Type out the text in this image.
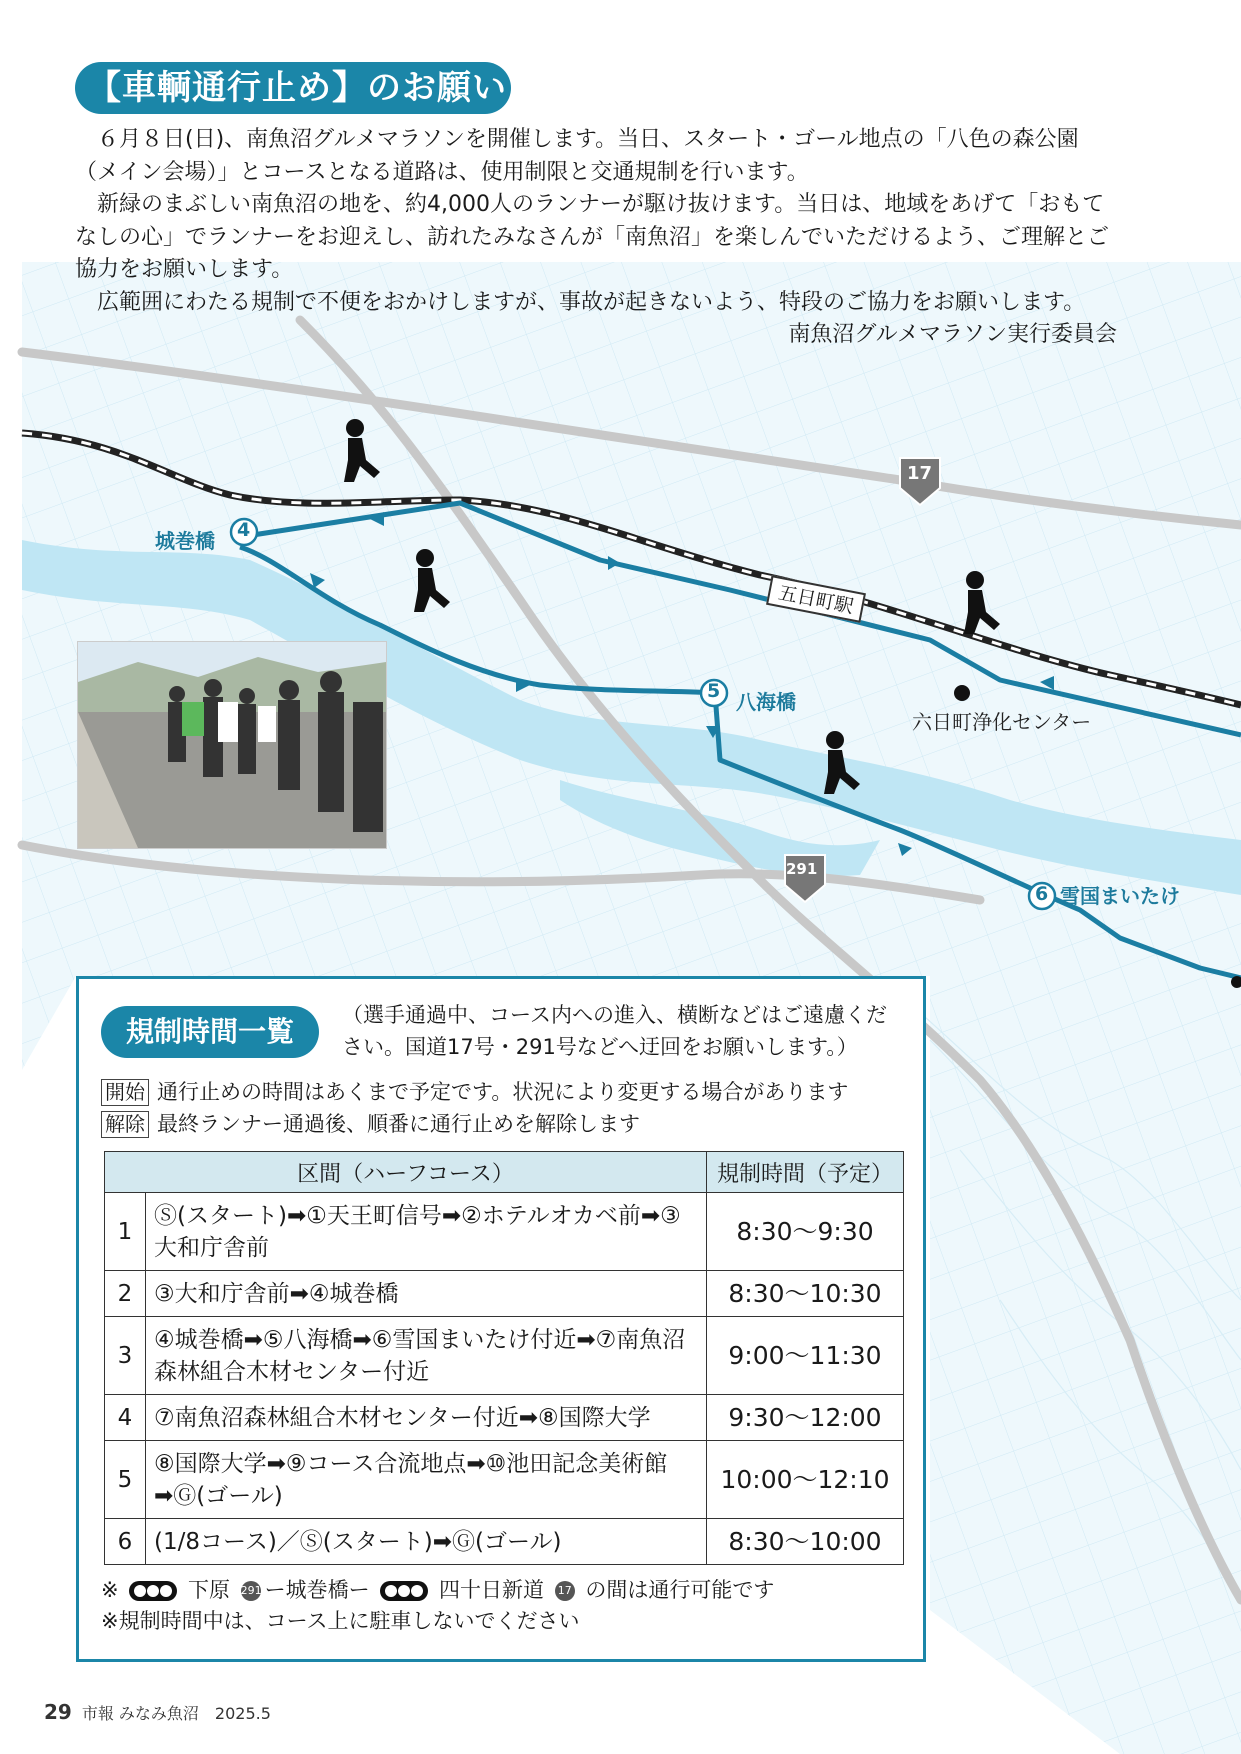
4
5
6
城巻橋
八海橋
雪国まいたけ
六日町浄化センター
五日町駅
17
291
【車輌通行止め】のお願い

６月８日(日)、南魚沼グルメマラソンを開催します。当日、スタート・ゴール地点の「八色の森公園（メイン会場）」とコースとなる道路は、使用制限と交通規制を行います。

新緑のまぶしい南魚沼の地を、約4,000人のランナーが駆け抜けます。当日は、地域をあげて「おもてなしの心」でランナーをお迎えし、訪れたみなさんが「南魚沼」を楽しんでいただけるよう、ご理解とご協力をお願いします。

広範囲にわたる規制で不便をおかけしますが、事故が起きないよう、特段のご協力をお願いします。

南魚沼グルメマラソン実行委員会

規制時間一覧	（選手通過中、コース内への進入、横断などはご遠慮ください。国道17号・291号などへ迂回をお願いします。）
開始 通行止めの時間はあくまで予定です。状況により変更する場合があります
解除 最終ランナー通過後、順番に通行止めを解除します
区間（ハーフコース）		規制時間（予定）
1	Ⓢ(スタート)➡①天王町信号➡②ホテルオカベ前➡③大和庁舎前	8:30〜9:30
2	③大和庁舎前➡④城巻橋	8:30〜10:30
3	④城巻橋➡⑤八海橋➡⑥雪国まいたけ付近➡⑦南魚沼森林組合木材センター付近	9:00〜11:30
4	⑦南魚沼森林組合木材センター付近➡⑧国際大学	9:30〜12:00
5	⑧国際大学➡⑨コース合流地点➡⑩池田記念美術館➡Ⓖ(ゴール)	10:00〜12:10
6	(1/8コース)／Ⓢ(スタート)➡Ⓖ(ゴール)	8:30〜10:00
※	下原 291 ー城巻橋ー	四十日新道 17 の間は通行可能です
※規制時間中は、コース上に駐車しないでください
29 市報 みなみ魚沼　2025.5
